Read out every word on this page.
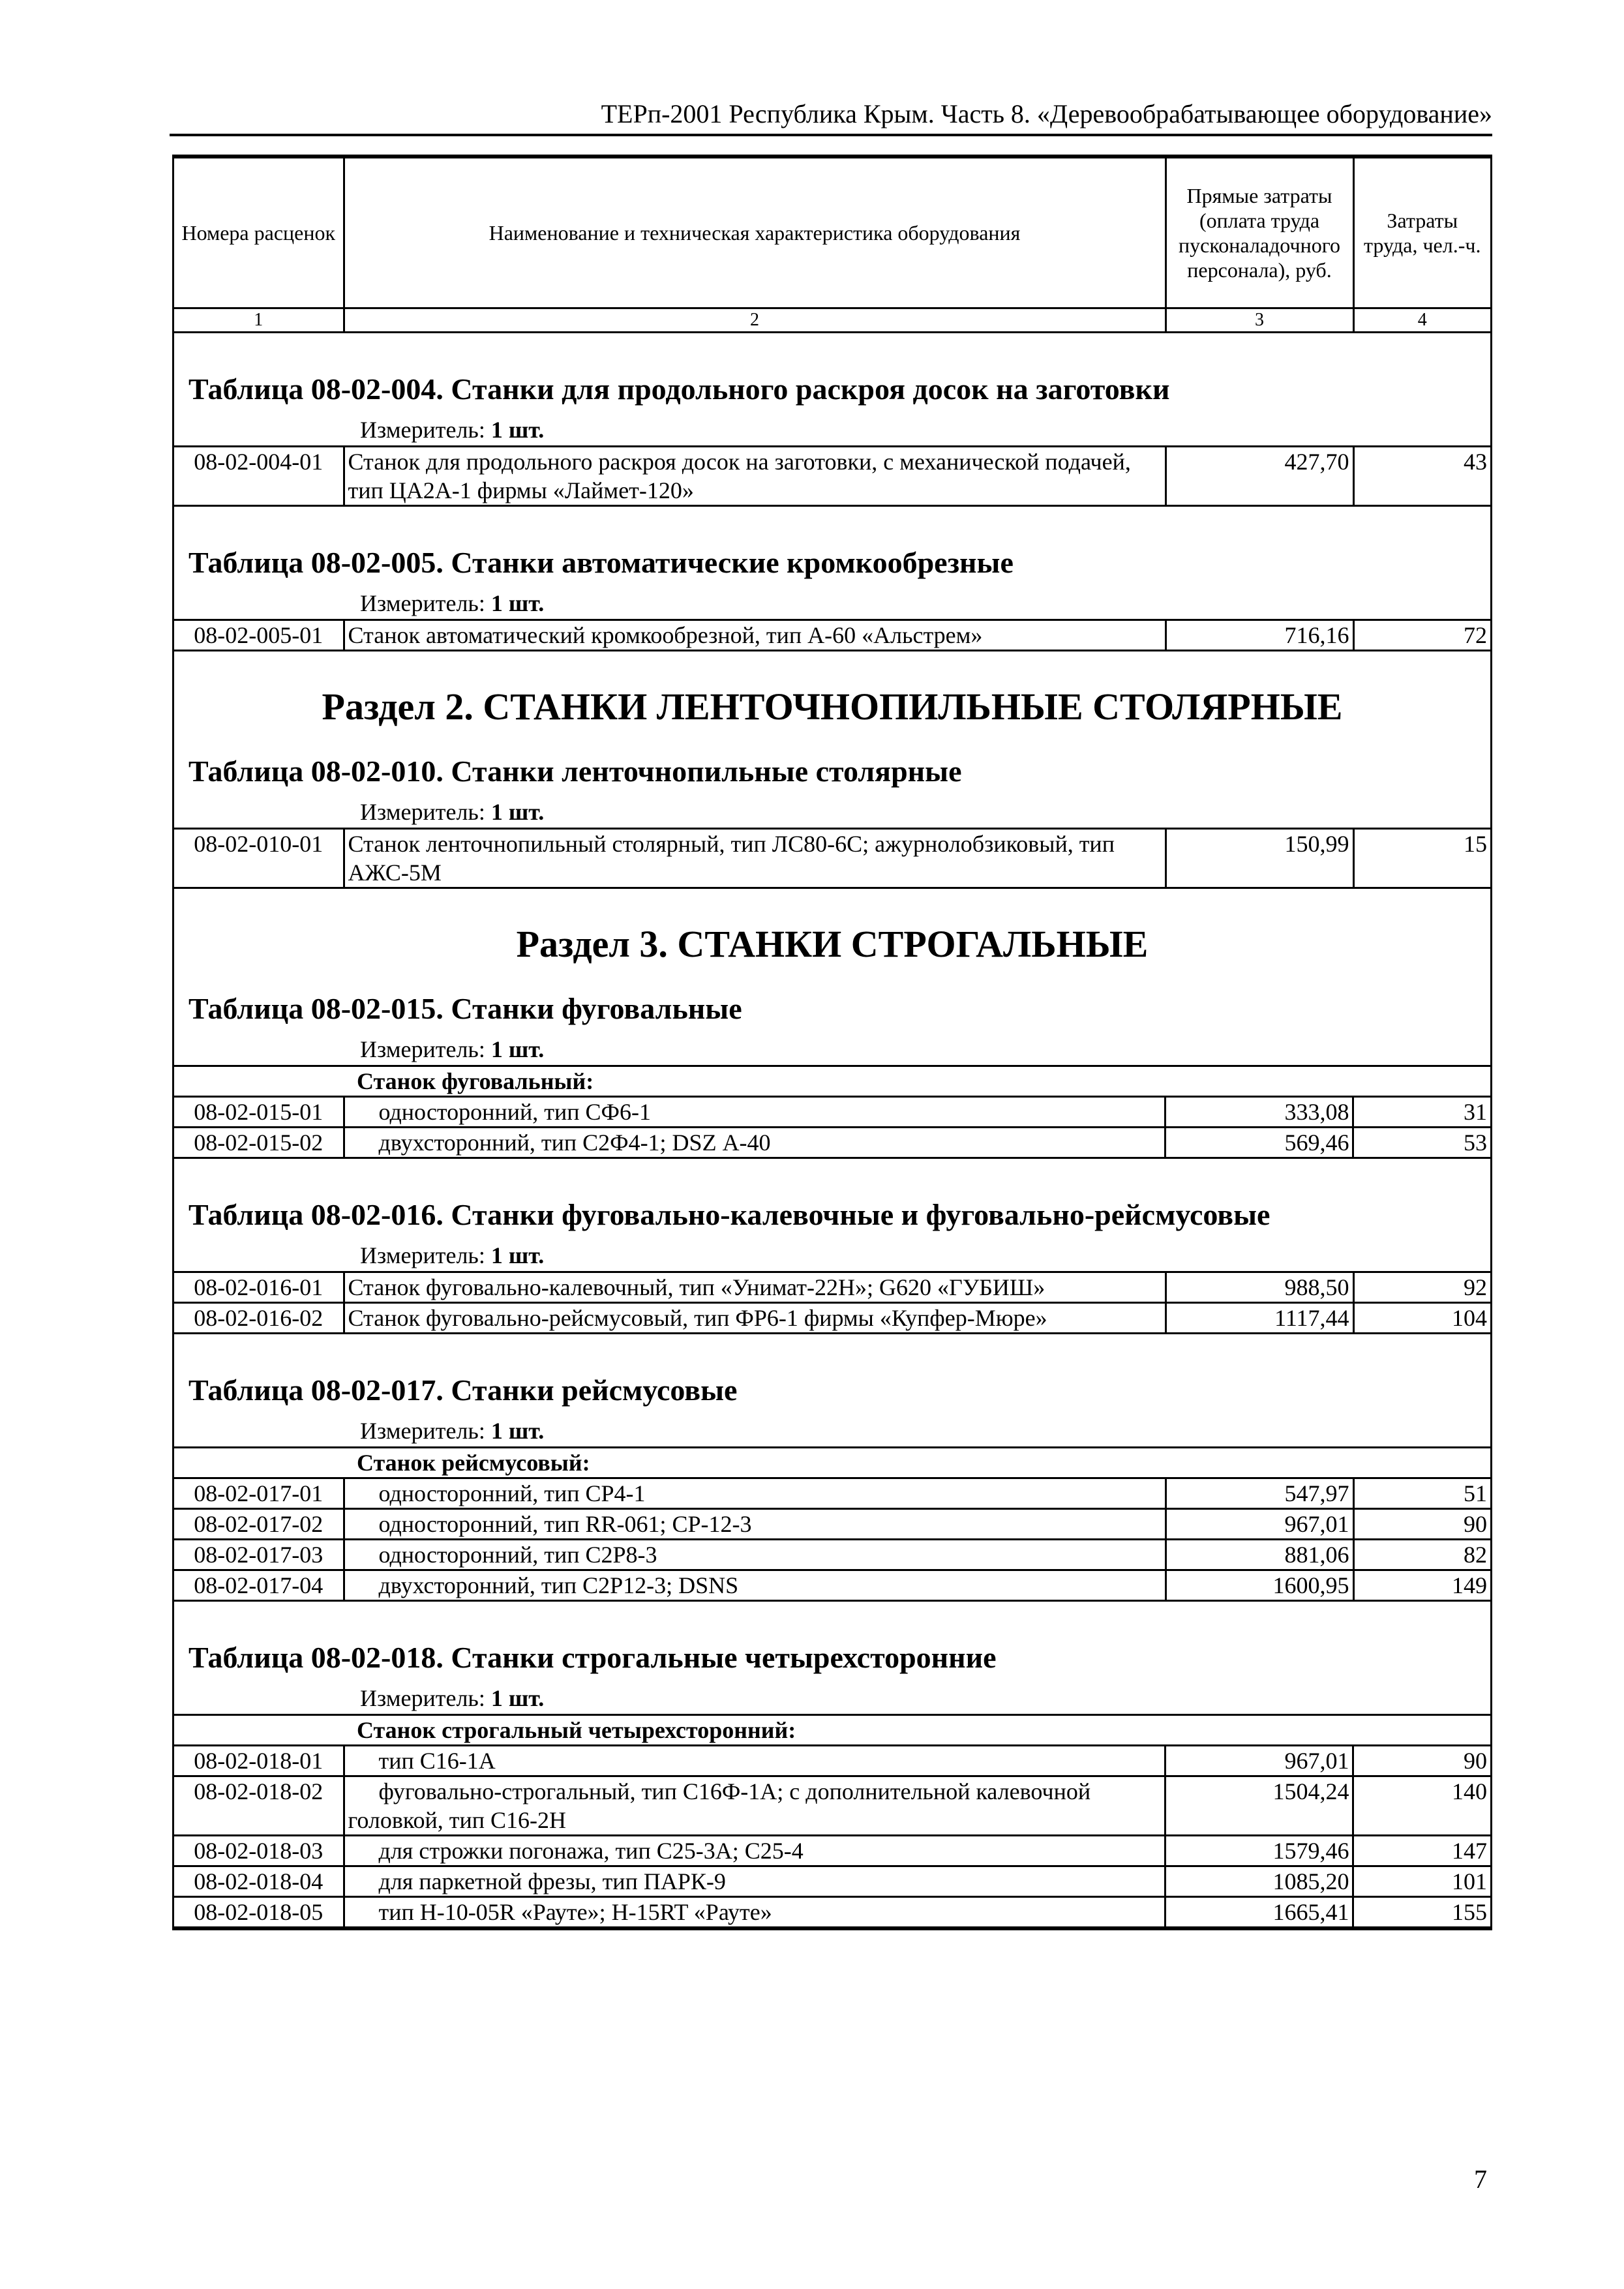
ТЕРп-2001 Республика Крым. Часть 8. «Деревообрабатывающее оборудование»
Номера расценок	Наименование и техническая характеристика оборудования	Прямые затраты (оплата труда пусконаладочного персонала), руб.	Затраты труда, чел.-ч.
1	2	3	4
Таблица 08-02-004. Станки для продольного раскроя досок на заготовки
Измеритель: 1 шт.
08-02-004-01	Станок для продольного раскроя досок на заготовки, с механической подачей, тип ЦА2А-1 фирмы «Лаймет-120»	427,70	43
Таблица 08-02-005. Станки автоматические кромкообрезные
Измеритель: 1 шт.
08-02-005-01	Станок автоматический кромкообрезной, тип А-60 «Альстрем»	716,16	72
Раздел 2. СТАНКИ ЛЕНТОЧНОПИЛЬНЫЕ СТОЛЯРНЫЕ
Таблица 08-02-010. Станки ленточнопильные столярные
Измеритель: 1 шт.
08-02-010-01	Станок ленточнопильный столярный, тип ЛС80-6С; ажурнолобзиковый, тип АЖС-5М	150,99	15
Раздел 3. СТАНКИ СТРОГАЛЬНЫЕ
Таблица 08-02-015. Станки фуговальные
Измеритель: 1 шт.
	Станок фуговальный:		
08-02-015-01	односторонний, тип СФ6-1	333,08	31
08-02-015-02	двухсторонний, тип С2Ф4-1; DSZ А-40	569,46	53
Таблица 08-02-016. Станки фуговально-калевочные и фуговально-рейсмусовые
Измеритель: 1 шт.
08-02-016-01	Станок фуговально-калевочный, тип «Унимат-22Н»; G620 «ГУБИШ»	988,50	92
08-02-016-02	Станок фуговально-рейсмусовый, тип ФР6-1 фирмы «Купфер-Мюре»	1117,44	104
Таблица 08-02-017. Станки рейсмусовые
Измеритель: 1 шт.
	Станок рейсмусовый:		
08-02-017-01	односторонний, тип СР4-1	547,97	51
08-02-017-02	односторонний, тип RR-061; СР-12-3	967,01	90
08-02-017-03	односторонний, тип С2Р8-3	881,06	82
08-02-017-04	двухсторонний, тип С2Р12-3; DSNS	1600,95	149
Таблица 08-02-018. Станки строгальные четырехсторонние
Измеритель: 1 шт.
	Станок строгальный четырехсторонний:		
08-02-018-01	тип С16-1А	967,01	90
08-02-018-02	фуговально-строгальный, тип С16Ф-1А; с дополнительной калевочной головкой, тип С16-2Н	1504,24	140
08-02-018-03	для строжки погонажа, тип С25-3А; С25-4	1579,46	147
08-02-018-04	для паркетной фрезы, тип ПАРК-9	1085,20	101
08-02-018-05	тип Н-10-05R «Рауте»; Н-15RT «Рауте»	1665,41	155
7
